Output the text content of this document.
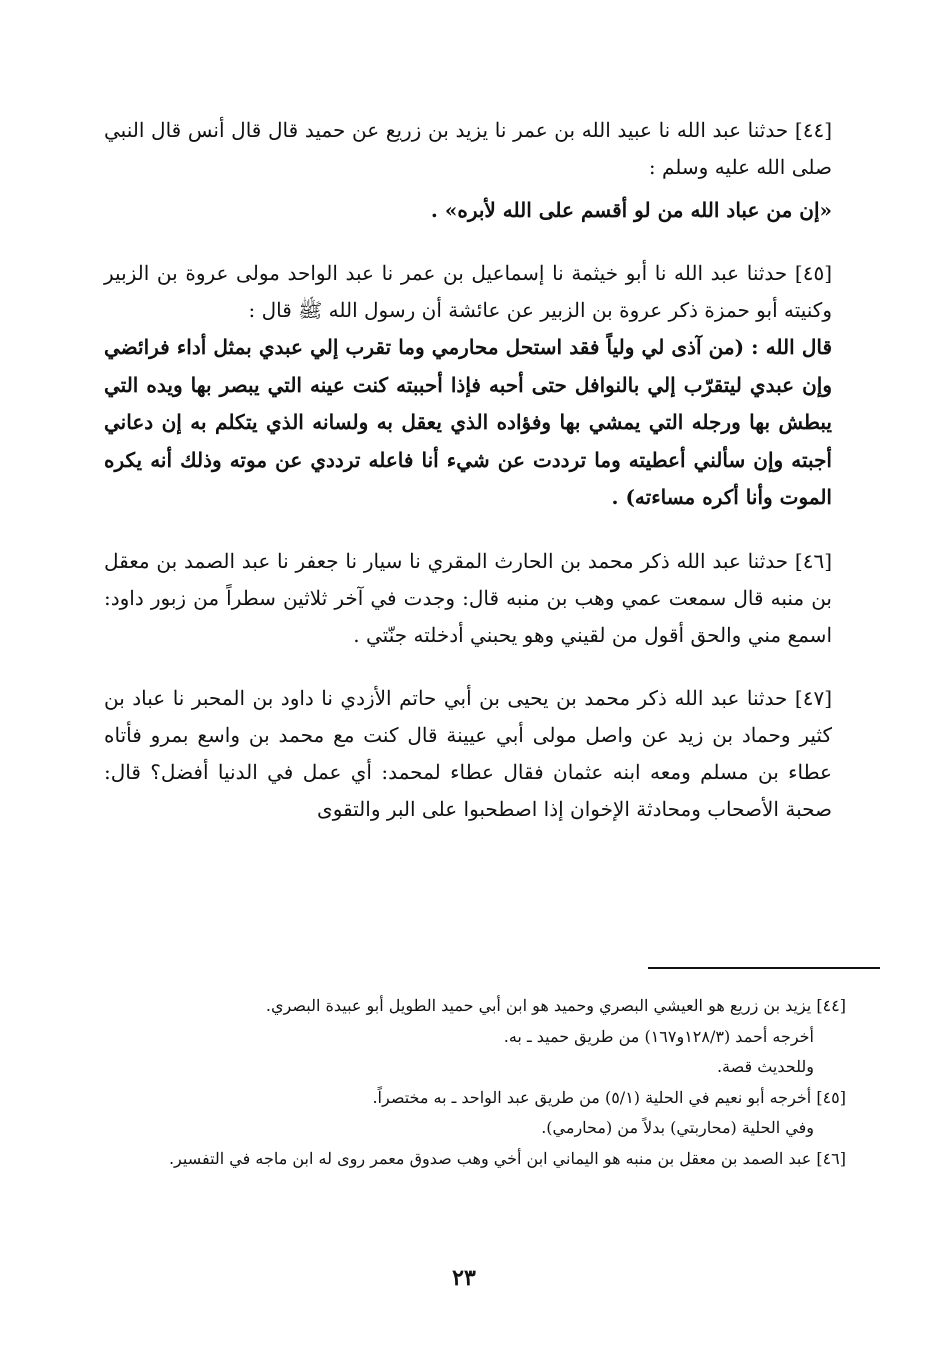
[٤٤] حدثنا عبد الله نا عبيد الله بن عمر نا يزيد بن زريع عن حميد قال قال أنس قال النبي صلى الله عليه وسلم :

«إن من عباد الله من لو أقسم على الله لأبره» .

[٤٥] حدثنا عبد الله نا أبو خيثمة نا إسماعيل بن عمر نا عبد الواحد مولى عروة بن الزبير وكنيته أبو حمزة ذكر عروة بن الزبير عن عائشة أن رسول الله ﷺ قال :

قال الله : (من آذى لي ولياً فقد استحل محارمي وما تقرب إلي عبدي بمثل أداء فرائضي وإن عبدي ليتقرّب إلي بالنوافل حتى أحبه فإذا أحببته كنت عينه التي يبصر بها ويده التي يبطش بها ورجله التي يمشي بها وفؤاده الذي يعقل به ولسانه الذي يتكلم به إن دعاني أجبته وإن سألني أعطيته وما ترددت عن شيء أنا فاعله ترددي عن موته وذلك أنه يكره الموت وأنا أكره مساءته) .

[٤٦] حدثنا عبد الله ذكر محمد بن الحارث المقري نا سيار نا جعفر نا عبد الصمد بن معقل بن منبه قال سمعت عمي وهب بن منبه قال: وجدت في آخر ثلاثين سطراً من زبور داود: اسمع مني والحق أقول من لقيني وهو يحبني أدخلته جنّتي .

[٤٧] حدثنا عبد الله ذكر محمد بن يحيى بن أبي حاتم الأزدي نا داود بن المحبر نا عباد بن كثير وحماد بن زيد عن واصل مولى أبي عيينة قال كنت مع محمد بن واسع بمرو فأتاه عطاء بن مسلم ومعه ابنه عثمان فقال عطاء لمحمد: أي عمل في الدنيا أفضل؟ قال: صحبة الأصحاب ومحادثة الإخوان إذا اصطحبوا على البر والتقوى

[٤٤] يزيد بن زريع هو العيشي البصري وحميد هو ابن أبي حميد الطويل أبو عبيدة البصري.

أخرجه أحمد (١٢٨/٣و١٦٧) من طريق حميد ـ به.

وللحديث قصة.

[٤٥] أخرجه أبو نعيم في الحلية (٥/١) من طريق عبد الواحد ـ به مختصراً.

وفي الحلية (محاربتي) بدلاً من (محارمي).

[٤٦] عبد الصمد بن معقل بن منبه هو اليماني ابن أخي وهب صدوق معمر روى له ابن ماجه في التفسير.

٢٣
